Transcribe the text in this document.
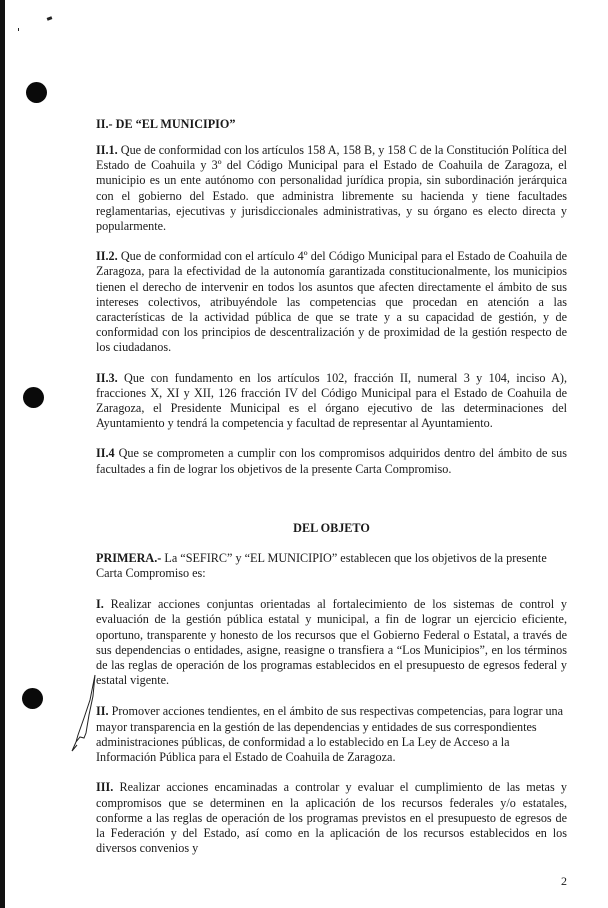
II.- DE “EL MUNICIPIO”
II.1. Que de conformidad con los artículos 158 A, 158 B, y 158 C de la Constitución Política del Estado de Coahuila y 3º del Código Municipal para el Estado de Coahuila de Zaragoza, el municipio es un ente autónomo con personalidad jurídica propia, sin subordinación jerárquica con el gobierno del Estado. que administra libremente su hacienda y tiene facultades reglamentarias, ejecutivas y jurisdiccionales administrativas, y su órgano es electo directa y popularmente.
II.2. Que de conformidad con el artículo 4º del Código Municipal para el Estado de Coahuila de Zaragoza, para la efectividad de la autonomía garantizada constitucionalmente, los municipios tienen el derecho de intervenir en todos los asuntos que afecten directamente el ámbito de sus intereses colectivos, atribuyéndole las competencias que procedan en atención a las características de la actividad pública de que se trate y a su capacidad de gestión, y de conformidad con los principios de descentralización y de proximidad de la gestión respecto de los ciudadanos.
II.3. Que con fundamento en los artículos 102, fracción II, numeral 3 y 104, inciso A), fracciones X, XI y XII, 126 fracción IV del Código Municipal para el Estado de Coahuila de Zaragoza, el Presidente Municipal es el órgano ejecutivo de las determinaciones del Ayuntamiento y tendrá la competencia y facultad de representar al Ayuntamiento.
II.4 Que se comprometen a cumplir con los compromisos adquiridos dentro del ámbito de sus facultades a fin de lograr los objetivos de la presente Carta Compromiso.
DEL OBJETO
PRIMERA.- La “SEFIRC” y “EL MUNICIPIO” establecen que los objetivos de la presente Carta Compromiso es:
I. Realizar acciones conjuntas orientadas al fortalecimiento de los sistemas de control y evaluación de la gestión pública estatal y municipal, a fin de lograr un ejercicio eficiente, oportuno, transparente y honesto de los recursos que el Gobierno Federal o Estatal, a través de sus dependencias o entidades, asigne, reasigne o transfiera a “Los Municipios”, en los términos de las reglas de operación de los programas establecidos en el presupuesto de egresos federal y estatal vigente.
II. Promover acciones tendientes, en el ámbito de sus respectivas competencias, para lograr una mayor transparencia en la gestión de las dependencias y entidades de sus correspondientes administraciones públicas, de conformidad a lo establecido en La Ley de Acceso a la Información Pública para el Estado de Coahuila de Zaragoza.
III. Realizar acciones encaminadas a controlar y evaluar el cumplimiento de las metas y compromisos que se determinen en la aplicación de los recursos federales y/o estatales, conforme a las reglas de operación de los programas previstos en el presupuesto de egresos de la Federación y del Estado, así como en la aplicación de los recursos establecidos en los diversos convenios y
2
